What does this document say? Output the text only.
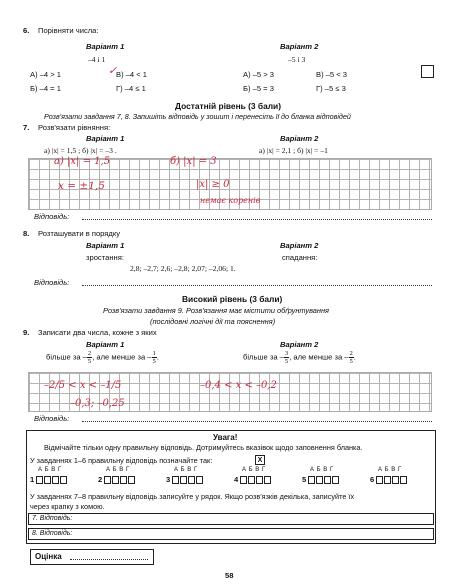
6. Порівняти числа:
Варіант 1	Варіант 2
–4 і 1	–5 і 3
А) –4 > 1	В) –4 < 1
Б) –4 = 1	Г) –4 ≤ 1
✓	А) –5 > 3	В) –5 < 3
Б) –5 = 3	Г) –5 ≤ 3
Достатній рівень (3 бали)
Розв'язати завдання 7, 8. Запишіть відповідь у зошит і перенесіть її до бланка відповідей
7. Розв'язати рівняння:
Варіант 1	Варіант 2
а) |x| = 1,5 ; б) |x| = –3 .	а) |x| = 2,1 ; б) |x| = –1
а) |x| = 1,5	б) |x| = 3
x = ±1,5	|x| ≥ 0
немає коренів
Відповідь:
8. Розташувати в порядку
Варіант 1	Варіант 2
зростання:	спадання:
2,8; –2,7; 2,6; –2,8; 2,07; –2,06; 1.
Відповідь:
Високий рівень (3 бали)
Розв'язати завдання 9. Розв'язання має містити обґрунтування
(послідовні логічні дії та пояснення)
9. Записати два числа, кожне з яких
Варіант 1	Варіант 2
більше за – $\frac{2}{5}$ , але менше за – $\frac{1}{5}$ .	більше за – $\frac{3}{5}$ , але менше за – $\frac{2}{5}$ .
–2/5 < x < –1/5	–0,4 < x < –0,2
–0,3; –0,25
Відповідь:
Увага!
Відмічайте тільки одну правильну відповідь. Дотримуйтесь вказівок щодо заповнення бланка.
У завданнях 1–6 правильну відповідь позначайте так:	X
А Б В Г	А Б В Г	А Б В Г	А Б В Г	А Б В Г	А Б В Г
1	2	3	4	5	6
У завданнях 7–8 правильну відповідь записуйте у рядок. Якщо розв'язків декілька, записуйте їх
через крапку з комою.
7. Відповідь:
8. Відповідь:
Оцінка
58
